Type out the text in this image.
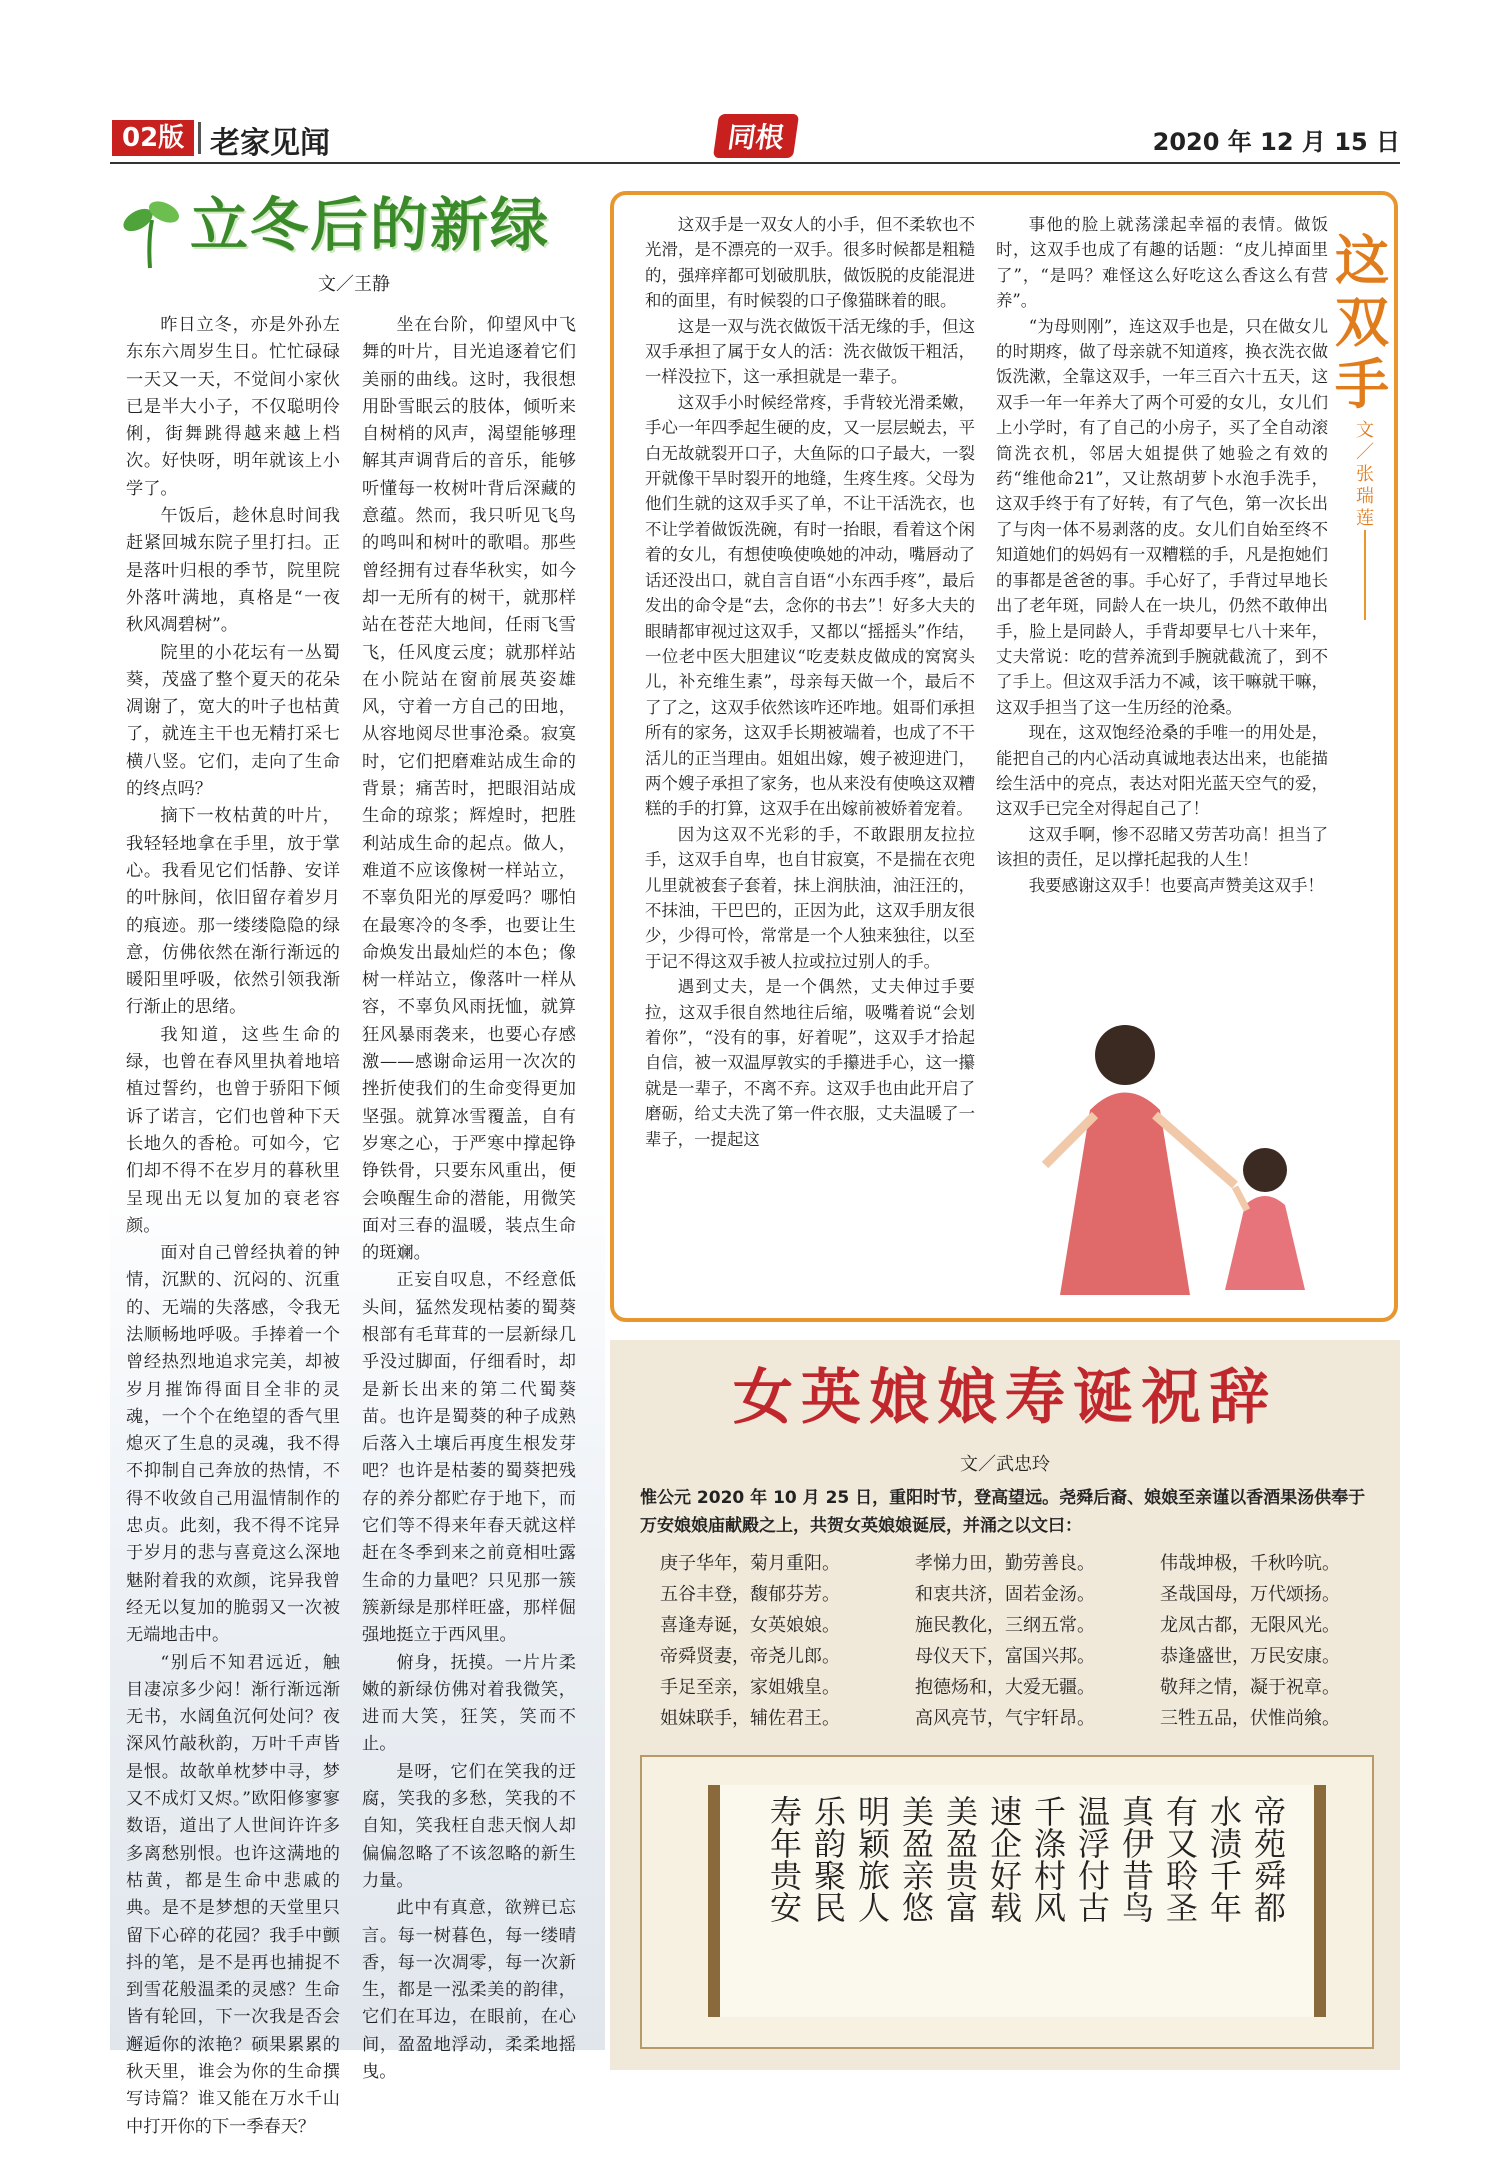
02版 老家见闻	同根	2020 年 12 月 15 日
立冬后的新绿
文／王静

昨日立冬，亦是外孙左东东六周岁生日。忙忙碌碌一天又一天，不觉间小家伙已是半大小子，不仅聪明伶俐，街舞跳得越来越上档次。好快呀，明年就该上小学了。

午饭后，趁休息时间我赶紧回城东院子里打扫。正是落叶归根的季节，院里院外落叶满地，真格是“一夜秋风凋碧树”。

院里的小花坛有一丛蜀葵，茂盛了整个夏天的花朵凋谢了，宽大的叶子也枯黄了，就连主干也无精打采七横八竖。它们，走向了生命的终点吗？

摘下一枚枯黄的叶片，我轻轻地拿在手里，放于掌心。我看见它们恬静、安详的叶脉间，依旧留存着岁月的痕迹。那一缕缕隐隐的绿意，仿佛依然在渐行渐远的暖阳里呼吸，依然引领我渐行渐止的思绪。

我知道，这些生命的绿，也曾在春风里执着地培植过誓约，也曾于骄阳下倾诉了诺言，它们也曾种下天长地久的香枪。可如今，它们却不得不在岁月的暮秋里呈现出无以复加的衰老容颜。

面对自己曾经执着的钟情，沉默的、沉闷的、沉重的、无端的失落感，令我无法顺畅地呼吸。手捧着一个曾经热烈地追求完美，却被岁月摧饰得面目全非的灵魂，一个个在绝望的香气里熄灭了生息的灵魂，我不得不抑制自己奔放的热情，不得不收敛自己用温情制作的忠贞。此刻，我不得不诧异于岁月的悲与喜竟这么深地魅附着我的欢颜，诧异我曾经无以复加的脆弱又一次被无端地击中。

“别后不知君远近，触目凄凉多少闷！渐行渐远渐无书，水阔鱼沉何处问？夜深风竹敲秋韵，万叶千声皆是恨。故欹单枕梦中寻，梦又不成灯又烬。”欧阳修寥寥数语，道出了人世间许许多多离愁别恨。也许这满地的枯黄，都是生命中悲戚的典。是不是梦想的天堂里只留下心碎的花园？我手中颤抖的笔，是不是再也捕捉不到雪花般温柔的灵感？生命皆有轮回，下一次我是否会邂逅你的浓艳？硕果累累的秋天里，谁会为你的生命撰写诗篇？谁又能在万水千山中打开你的下一季春天？

坐在台阶，仰望风中飞舞的叶片，目光追逐着它们美丽的曲线。这时，我很想用卧雪眠云的肢体，倾听来自树梢的风声，渴望能够理解其声调背后的音乐，能够听懂每一枚树叶背后深藏的意蕴。然而，我只听见飞鸟的鸣叫和树叶的歌唱。那些曾经拥有过春华秋实，如今却一无所有的树干，就那样站在苍茫大地间，任雨飞雪飞，任风度云度；就那样站在小院站在窗前展英姿雄风，守着一方自己的田地，从容地阅尽世事沧桑。寂寞时，它们把磨难站成生命的背景；痛苦时，把眼泪站成生命的琼浆；辉煌时，把胜利站成生命的起点。做人，难道不应该像树一样站立，不辜负阳光的厚爱吗？哪怕在最寒冷的冬季，也要让生命焕发出最灿烂的本色；像树一样站立，像落叶一样从容，不辜负风雨抚恤，就算狂风暴雨袭来，也要心存感激——感谢命运用一次次的挫折使我们的生命变得更加坚强。就算冰雪覆盖，自有岁寒之心，于严寒中撑起铮铮铁骨，只要东风重出，便会唤醒生命的潜能，用微笑面对三春的温暖，装点生命的斑斓。

正妄自叹息，不经意低头间，猛然发现枯萎的蜀葵根部有毛茸茸的一层新绿几乎没过脚面，仔细看时，却是新长出来的第二代蜀葵苗。也许是蜀葵的种子成熟后落入土壤后再度生根发芽吧？也许是枯萎的蜀葵把残存的养分都贮存于地下，而它们等不得来年春天就这样赶在冬季到来之前竟相吐露生命的力量吧？只见那一簇簇新绿是那样旺盛，那样倔强地挺立于西风里。

俯身，抚摸。一片片柔嫩的新绿仿佛对着我微笑，进而大笑，狂笑，笑而不止。

是呀，它们在笑我的迂腐，笑我的多愁，笑我的不自知，笑我枉自悲天悯人却偏偏忽略了不该忽略的新生力量。

此中有真意，欲辨已忘言。每一树暮色，每一缕晴香，每一次凋零，每一次新生，都是一泓柔美的韵律，它们在耳边，在眼前，在心间，盈盈地浮动，柔柔地摇曳。

这双手是一双女人的小手，但不柔软也不光滑，是不漂亮的一双手。很多时候都是粗糙的，强痒痒都可划破肌肤，做饭脱的皮能混进和的面里，有时候裂的口子像猫眯着的眼。

这是一双与洗衣做饭干活无缘的手，但这双手承担了属于女人的活：洗衣做饭干粗活，一样没拉下，这一承担就是一辈子。

这双手小时候经常疼，手背较光滑柔嫩，手心一年四季起生硬的皮，又一层层蜕去，平白无故就裂开口子，大鱼际的口子最大，一裂开就像干旱时裂开的地缝，生疼生疼。父母为他们生就的这双手买了单，不让干活洗衣，也不让学着做饭洗碗，有时一抬眼，看着这个闲着的女儿，有想使唤使唤她的冲动，嘴唇动了话还没出口，就自言自语“小东西手疼”，最后发出的命令是“去，念你的书去”！好多大夫的眼睛都审视过这双手，又都以“摇摇头”作结，一位老中医大胆建议“吃麦麸皮做成的窝窝头儿，补充维生素”，母亲每天做一个，最后不了了之，这双手依然该咋还咋地。姐哥们承担所有的家务，这双手长期被端着，也成了不干活儿的正当理由。姐姐出嫁，嫂子被迎进门，两个嫂子承担了家务，也从来没有使唤这双糟糕的手的打算，这双手在出嫁前被娇着宠着。

因为这双不光彩的手，不敢跟朋友拉拉手，这双手自卑，也自甘寂寞，不是揣在衣兜儿里就被套子套着，抹上润肤油，油汪汪的，不抹油，干巴巴的，正因为此，这双手朋友很少，少得可怜，常常是一个人独来独往，以至于记不得这双手被人拉或拉过别人的手。

遇到丈夫，是一个偶然，丈夫伸过手要拉，这双手很自然地往后缩，吸嘴着说“会划着你”，“没有的事，好着呢”，这双手才拾起自信，被一双温厚敦实的手攥进手心，这一攥就是一辈子，不离不弃。这双手也由此开启了磨砺，给丈夫洗了第一件衣服，丈夫温暖了一辈子，一提起这

事他的脸上就荡漾起幸福的表情。做饭时，这双手也成了有趣的话题：“皮儿掉面里了”，“是吗？难怪这么好吃这么香这么有营养”。

“为母则刚”，连这双手也是，只在做女儿的时期疼，做了母亲就不知道疼，换衣洗衣做饭洗漱，全靠这双手，一年三百六十五天，这双手一年一年养大了两个可爱的女儿，女儿们上小学时，有了自己的小房子，买了全自动滚筒洗衣机，邻居大姐提供了她验之有效的药“维他命21”，又让熬胡萝卜水泡手洗手，这双手终于有了好转，有了气色，第一次长出了与肉一体不易剥落的皮。女儿们自始至终不知道她们的妈妈有一双糟糕的手，凡是抱她们的事都是爸爸的事。手心好了，手背过早地长出了老年斑，同龄人在一块儿，仍然不敢伸出手，脸上是同龄人，手背却要早七八十来年，丈夫常说：吃的营养流到手腕就截流了，到不了手上。但这双手活力不减，该干嘛就干嘛，这双手担当了这一生历经的沧桑。

现在，这双饱经沧桑的手唯一的用处是，能把自己的内心活动真诚地表达出来，也能描绘生活中的亮点，表达对阳光蓝天空气的爱，这双手已完全对得起自己了！

这双手啊，惨不忍睹又劳苦功高！担当了该担的责任，足以撑托起我的人生！

我要感谢这双手！也要高声赞美这双手！

这双手
文／张瑞莲
女英娘娘寿诞祝辞
文／武忠玲
惟公元 2020 年 10 月 25 日，重阳时节，登高望远。尧舜后裔、娘娘至亲谨以香酒果汤供奉于万安娘娘庙献殿之上，共贺女英娘娘诞辰，并涌之以文曰：
庚子华年，菊月重阳。
五谷丰登，馥郁芬芳。
喜逢寿诞，女英娘娘。
帝舜贤妻，帝尧儿郎。
手足至亲，家姐娥皇。
姐妹联手，辅佐君王。
孝悌力田，勤劳善良。
和衷共济，固若金汤。
施民教化，三纲五常。
母仪天下，富国兴邦。
抱德炀和，大爱无疆。
高风亮节，气宇轩昂。
伟哉坤极，千秋吟吭。
圣哉国母，万代颂扬。
龙凤古都，无限风光。
恭逢盛世，万民安康。
敬拜之情，凝于祝章。
三牲五品，伏惟尚飨。
帝苑舜都
水渍千年
有又聆圣
真伊昔鸟
温浮付古
千涤村风
速企好载
美盈贵富
美盈亲悠
明颖旅人
乐韵聚民
寿年贵安
